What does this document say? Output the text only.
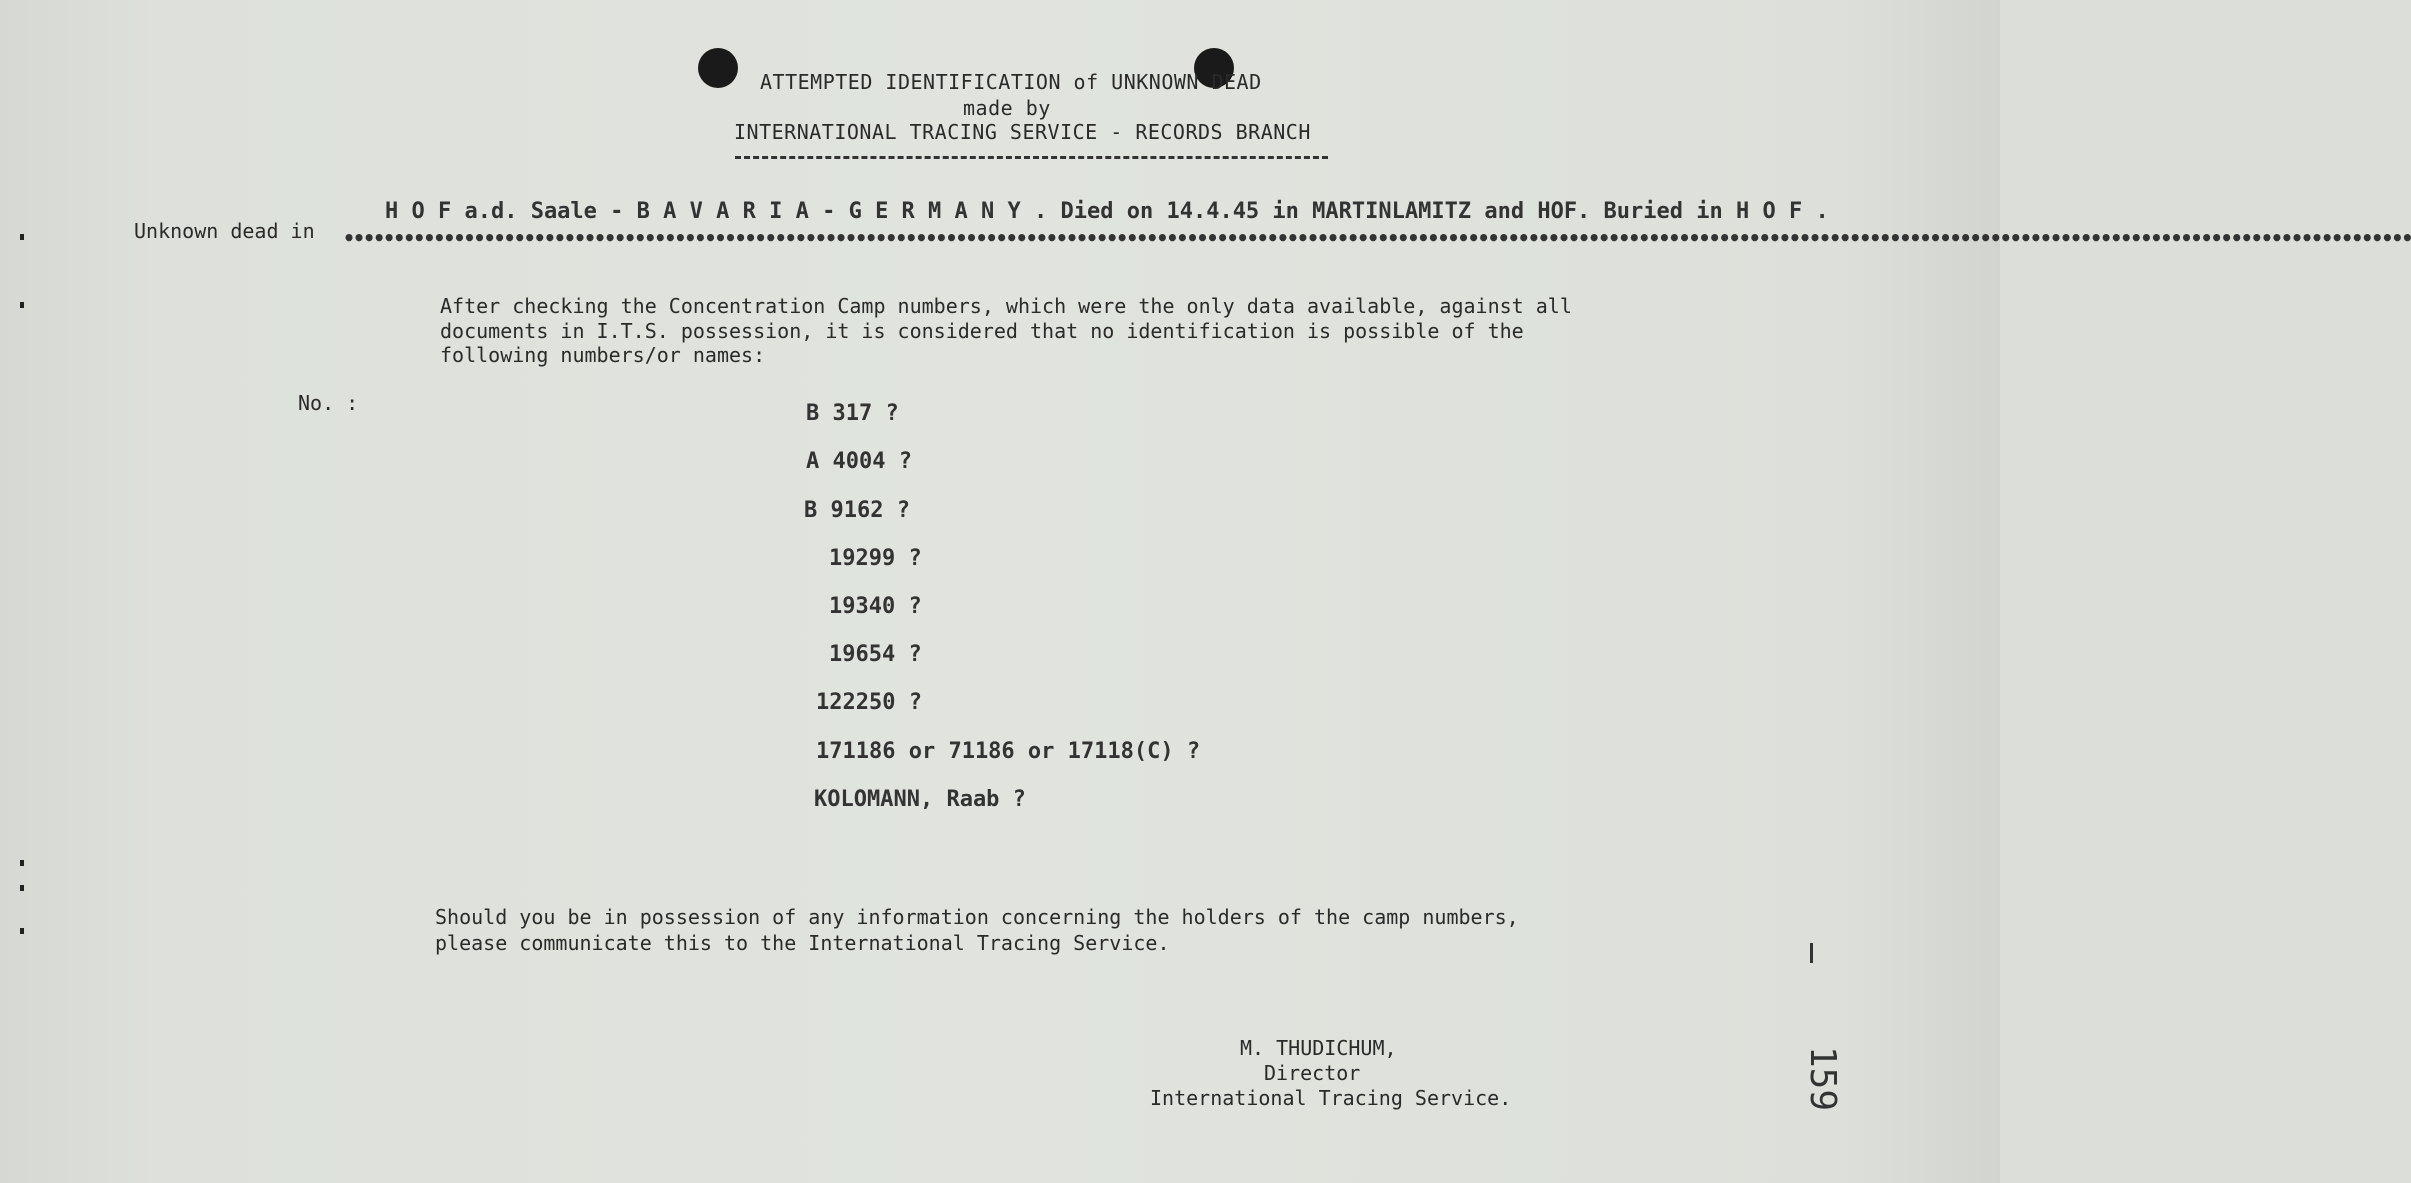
ATTEMPTED IDENTIFICATION of UNKNOWN DEAD
made by
INTERNATIONAL TRACING SERVICE - RECORDS BRANCH
Unknown dead in ••••••••••••••••••••••••••••••••••••••••••••••••••••••••••••••••••••••••••••••••••••••••••••••••••••••••••••••••••••••••••••••••••••••••••••••••••••••••••••••••••••••••••••••••••••••••••••••••••••••••••••••
H O F a.d. Saale - B A V A R I A - G E R M A N Y . Died on 14.4.45 in MARTINLAMITZ and HOF. Buried in H O F .
After checking the Concentration Camp numbers, which were the only data available, against all
documents in I.T.S. possession, it is considered that no identification is possible of the
following numbers/or names:
No. :	B 317 ?
A 4004 ?
B 9162 ?
19299 ?
19340 ?
19654 ?
122250 ?
171186 or 71186 or 17118(C) ?
KOLOMANN, Raab ?
Should you be in possession of any information concerning the holders of the camp numbers,
please communicate this to the International Tracing Service.
M. THUDICHUM,
Director
International Tracing Service.	159
